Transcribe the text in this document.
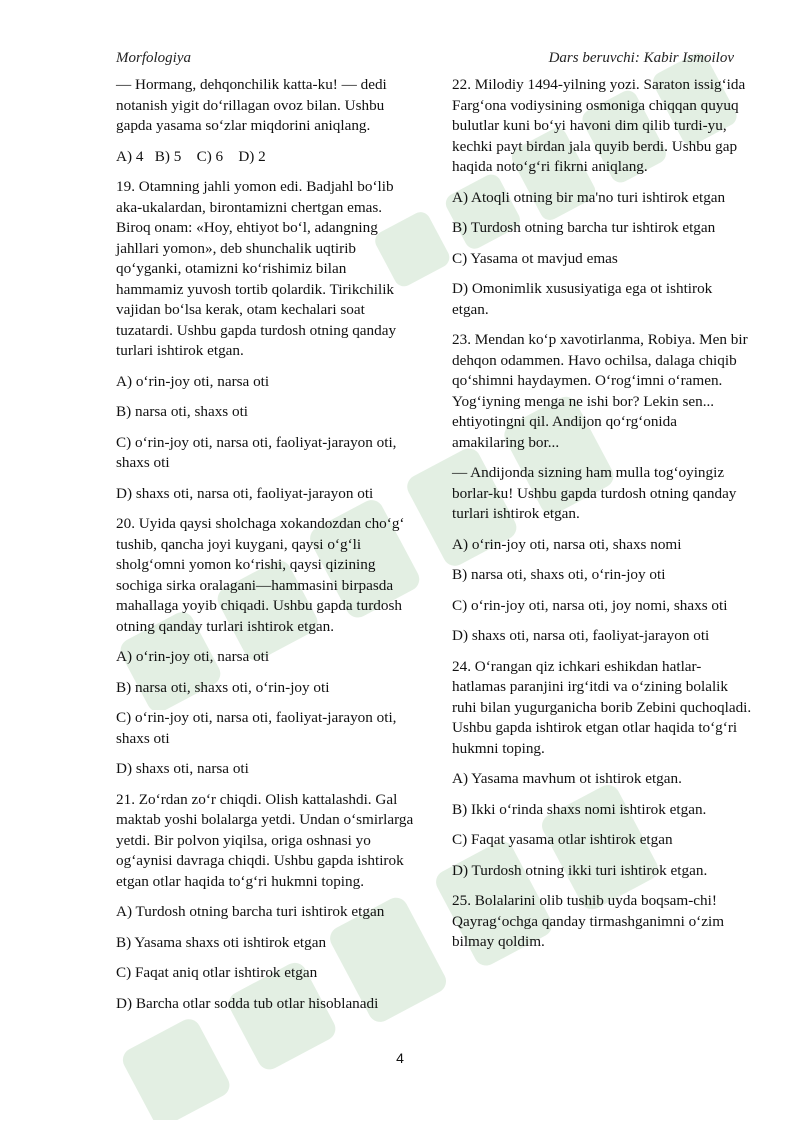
Morfologiya	Dars beruvchi: Kabir Ismoilov

— Hormang, dehqonchilik katta-ku! — dedi notanish yigit do‘rillagan ovoz bilan. Ushbu gapda yasama so‘zlar miqdorini aniqlang.

A) 4   B) 5    C) 6    D) 2

19. Otamning jahli yomon edi. Badjahl bo‘lib aka-ukalardan, birontamizni chertgan emas. Biroq onam: «Hoy, ehtiyot bo‘l, adangning jahllari yomon», deb shunchalik uqtirib qo‘yganki, otamizni ko‘rishimiz bilan hammamiz yuvosh tortib qolardik. Tirikchilik vajidan bo‘lsa kerak, otam kechalari soat tuzatardi. Ushbu gapda turdosh otning qanday turlari ishtirok etgan.

A) o‘rin-joy oti, narsa oti

B) narsa oti, shaxs oti

C) o‘rin-joy oti, narsa oti, faoliyat-jarayon oti, shaxs oti

D) shaxs oti, narsa oti, faoliyat-jarayon oti

20. Uyida qaysi sholchaga xokandozdan cho‘g‘ tushib, qancha joyi kuygani, qaysi o‘g‘li sholg‘omni yomon ko‘rishi, qaysi qizining sochiga sirka oralagani—hammasini birpasda mahallaga yoyib chiqadi. Ushbu gapda turdosh otning qanday turlari ishtirok etgan.

A) o‘rin-joy oti, narsa oti

B) narsa oti, shaxs oti, o‘rin-joy oti

C) o‘rin-joy oti, narsa oti, faoliyat-jarayon oti, shaxs oti

D) shaxs oti, narsa oti

21. Zo‘rdan zo‘r chiqdi. Olish kattalashdi. Gal maktab yoshi bolalarga yetdi. Undan o‘smirlarga yetdi. Bir polvon yiqilsa, origa oshnasi yo og‘aynisi davraga chiqdi. Ushbu gapda ishtirok etgan otlar haqida to‘g‘ri hukmni toping.

A) Turdosh otning barcha turi ishtirok etgan

B) Yasama shaxs oti ishtirok etgan

C) Faqat aniq otlar ishtirok etgan

D) Barcha otlar sodda tub otlar hisoblanadi

22. Milodiy 1494-yilning yozi. Saraton issig‘ida Farg‘ona vodiysining osmoniga chiqqan quyuq bulutlar kuni bo‘yi havoni dim qilib turdi-yu, kechki payt birdan jala quyib berdi. Ushbu gap haqida noto‘g‘ri fikrni aniqlang.

A) Atoqli otning bir ma'no turi ishtirok etgan

B) Turdosh otning barcha tur ishtirok etgan

C) Yasama ot mavjud emas

D) Omonimlik xususiyatiga ega ot ishtirok etgan.

23. Mendan ko‘p xavotirlanma, Robiya. Men bir dehqon odammen. Havo ochilsa, dalaga chiqib qo‘shimni haydaymen. O‘rog‘imni o‘ramen. Yog‘iyning menga ne ishi bor? Lekin sen... ehtiyotingni qil. Andijon qo‘rg‘onida amakilaring bor...

— Andijonda sizning ham mulla tog‘oyingiz borlar-ku! Ushbu gapda turdosh otning qanday turlari ishtirok etgan.

A) o‘rin-joy oti, narsa oti, shaxs nomi

B) narsa oti, shaxs oti, o‘rin-joy oti

C) o‘rin-joy oti, narsa oti, joy nomi, shaxs oti

D) shaxs oti, narsa oti, faoliyat-jarayon oti

24. O‘rangan qiz ichkari eshikdan hatlar-hatlamas paranjini irg‘itdi va o‘zining bolalik ruhi bilan yugurganicha borib Zebini quchoqladi. Ushbu gapda ishtirok etgan otlar haqida to‘g‘ri hukmni toping.

A) Yasama mavhum ot ishtirok etgan.

B) Ikki o‘rinda shaxs nomi ishtirok etgan.

C) Faqat yasama otlar ishtirok etgan

D) Turdosh otning ikki turi ishtirok etgan.

25. Bolalarini olib tushib uyda boqsam-chi! Qayrag‘ochga qanday tirmashganimni o‘zim bilmay qoldim.

4
